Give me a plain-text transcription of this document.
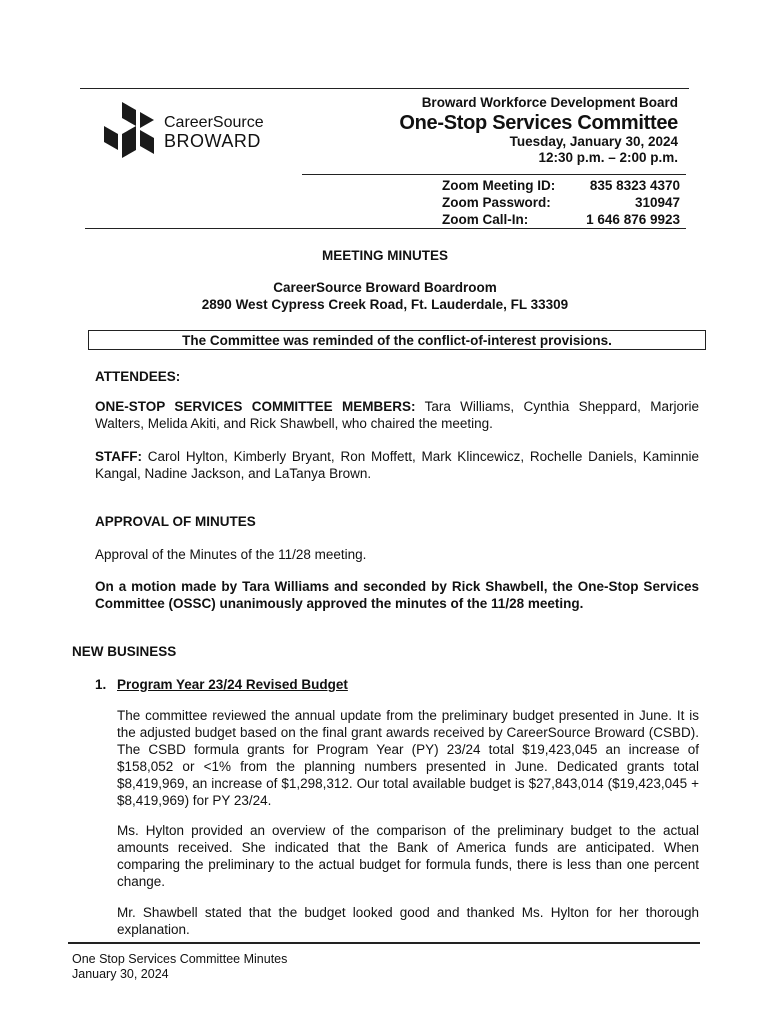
CareerSource
BROWARD
Broward Workforce Development Board
One-Stop Services Committee
Tuesday, January 30, 2024
12:30 p.m. – 2:00 p.m.
Zoom Meeting ID:	835 8323 4370
Zoom Password:	310947
Zoom Call-In:	1 646 876 9923
MEETING MINUTES
CareerSource Broward Boardroom
2890 West Cypress Creek Road, Ft. Lauderdale, FL 33309
The Committee was reminded of the conflict-of-interest provisions.
ATTENDEES:
ONE-STOP SERVICES COMMITTEE MEMBERS: Tara Williams, Cynthia Sheppard, Marjorie Walters, Melida Akiti, and Rick Shawbell, who chaired the meeting.
STAFF: Carol Hylton, Kimberly Bryant, Ron Moffett, Mark Klincewicz, Rochelle Daniels, Kaminnie Kangal, Nadine Jackson, and LaTanya Brown.
APPROVAL OF MINUTES
Approval of the Minutes of the 11/28 meeting.
On a motion made by Tara Williams and seconded by Rick Shawbell, the One-Stop Services Committee (OSSC) unanimously approved the minutes of the 11/28 meeting.
NEW BUSINESS
1. Program Year 23/24 Revised Budget
The committee reviewed the annual update from the preliminary budget presented in June. It is the adjusted budget based on the final grant awards received by CareerSource Broward (CSBD). The CSBD formula grants for Program Year (PY) 23/24 total $19,423,045 an increase of $158,052 or <1% from the planning numbers presented in June. Dedicated grants total $8,419,969, an increase of $1,298,312. Our total available budget is $27,843,014 ($19,423,045 + $8,419,969) for PY 23/24.
Ms. Hylton provided an overview of the comparison of the preliminary budget to the actual amounts received. She indicated that the Bank of America funds are anticipated. When comparing the preliminary to the actual budget for formula funds, there is less than one percent change.
Mr. Shawbell stated that the budget looked good and thanked Ms. Hylton for her thorough explanation.
One Stop Services Committee Minutes
January 30, 2024
